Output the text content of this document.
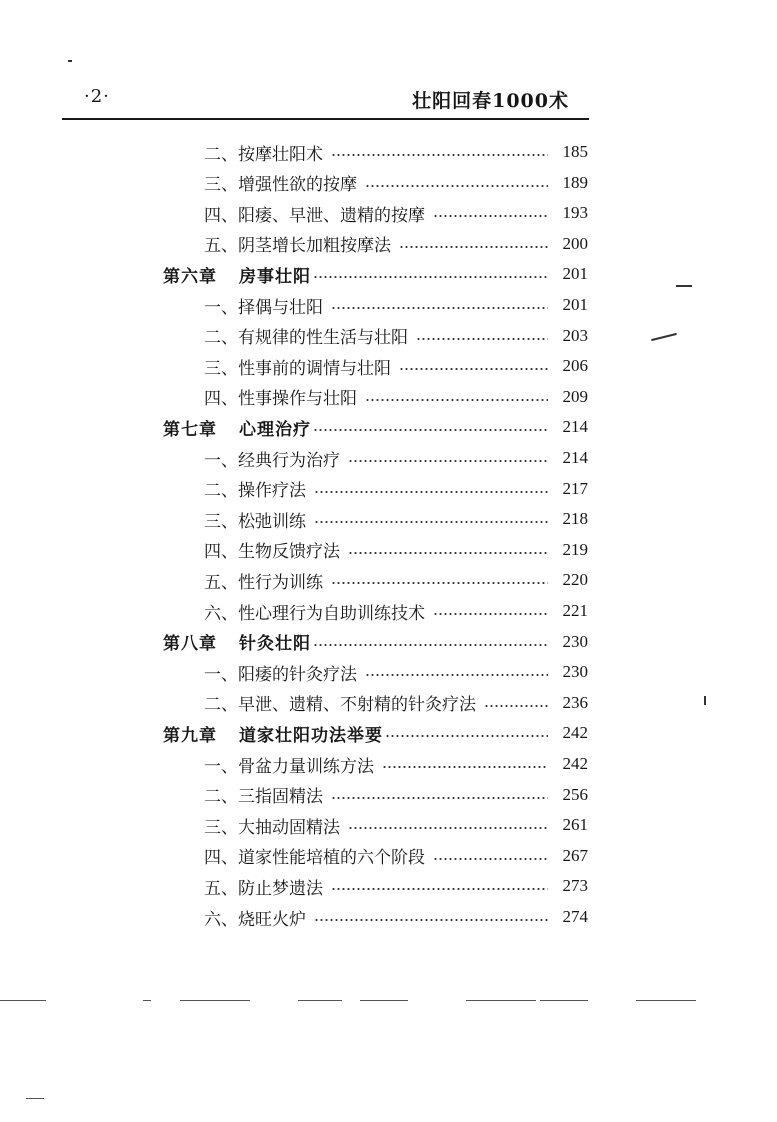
·2·	壮阳回春1000术
二、按摩壮阳术	185
三、增强性欲的按摩	189
四、阳痿、早泄、遗精的按摩	193
五、阴茎增长加粗按摩法	200
第六章 房事壮阳	201
一、择偶与壮阳	201
二、有规律的性生活与壮阳	203
三、性事前的调情与壮阳	206
四、性事操作与壮阳	209
第七章 心理治疗	214
一、经典行为治疗	214
二、操作疗法	217
三、松弛训练	218
四、生物反馈疗法	219
五、性行为训练	220
六、性心理行为自助训练技术	221
第八章 针灸壮阳	230
一、阳痿的针灸疗法	230
二、早泄、遗精、不射精的针灸疗法	236
第九章 道家壮阳功法举要	242
一、骨盆力量训练方法	242
二、三指固精法	256
三、大抽动固精法	261
四、道家性能培植的六个阶段	267
五、防止梦遗法	273
六、烧旺火炉	274
